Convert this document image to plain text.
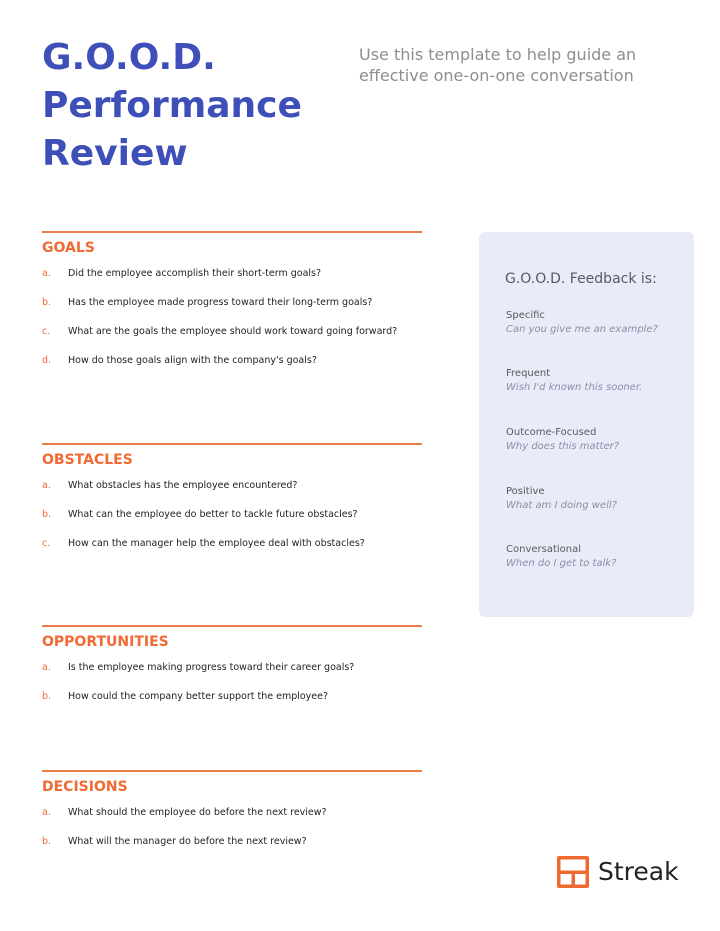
G.O.O.D.
Performance
Review
Use this template to help guide an effective one-on-one conversation
GOALS
a.	Did the employee accomplish their short-term goals?
b.	Has the employee made progress toward their long-term goals?
c.	What are the goals the employee should work toward going forward?
d.	How do those goals align with the company's goals?
OBSTACLES
a.	What obstacles has the employee encountered?
b.	What can the employee do better to tackle future obstacles?
c.	How can the manager help the employee deal with obstacles?
OPPORTUNITIES
a.	Is the employee making progress toward their career goals?
b.	How could the company better support the employee?
DECISIONS
a.	What should the employee do before the next review?
b.	What will the manager do before the next review?
G.O.O.D. Feedback is:
Specific
Can you give me an example?
Frequent
Wish I'd known this sooner.
Outcome-Focused
Why does this matter?
Positive
What am I doing well?
Conversational
When do I get to talk?
Streak
